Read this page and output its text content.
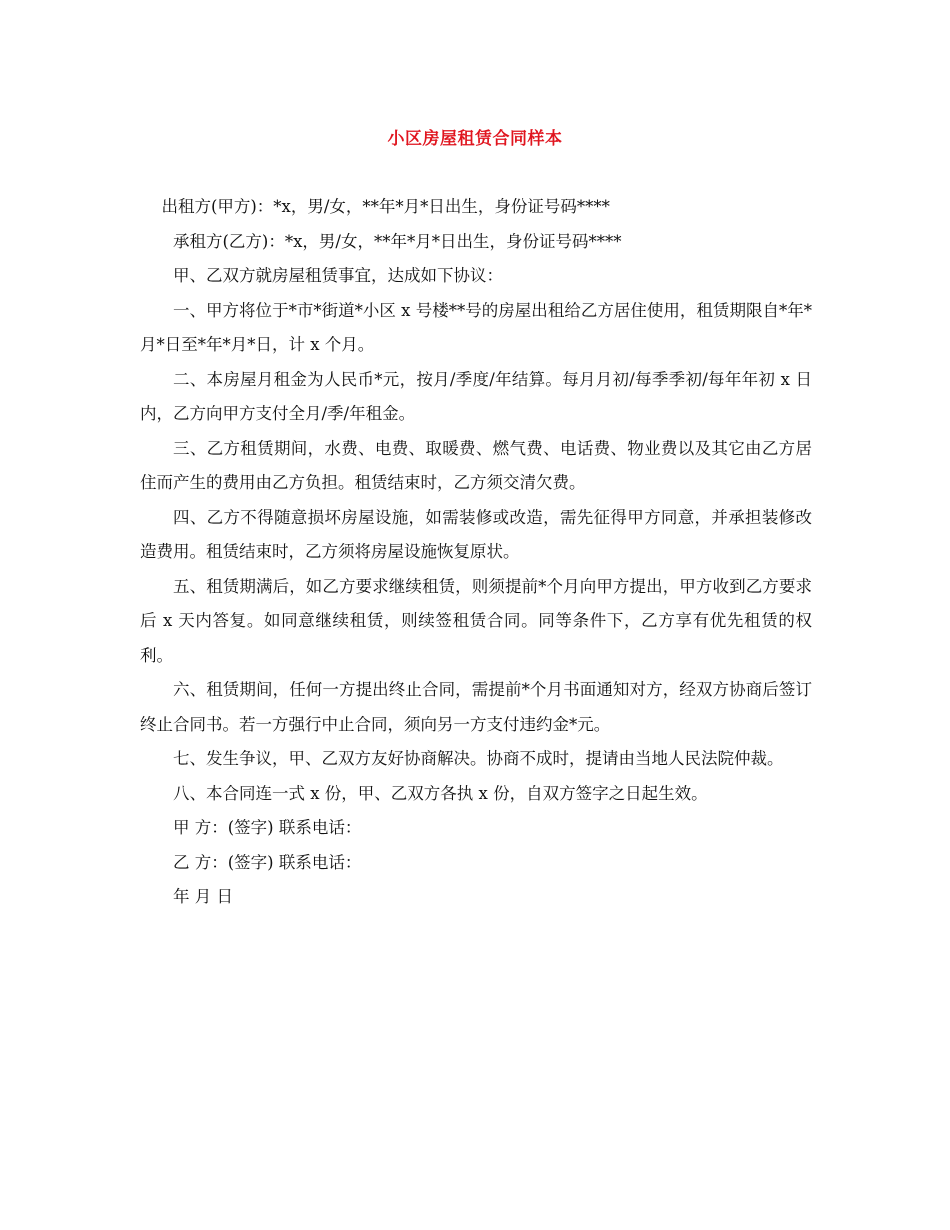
小区房屋租赁合同样本

出租方(甲方)：*x，男/女，**年*月*日出生，身份证号码****

承租方(乙方)：*x，男/女，**年*月*日出生，身份证号码****

甲、乙双方就房屋租赁事宜，达成如下协议：

一、甲方将位于*市*街道*小区 x 号楼**号的房屋出租给乙方居住使用，租赁期限自*年*月*日至*年*月*日，计 x 个月。

二、本房屋月租金为人民币*元，按月/季度/年结算。每月月初/每季季初/每年年初 x 日内，乙方向甲方支付全月/季/年租金。

三、乙方租赁期间，水费、电费、取暖费、燃气费、电话费、物业费以及其它由乙方居住而产生的费用由乙方负担。租赁结束时，乙方须交清欠费。

四、乙方不得随意损坏房屋设施，如需装修或改造，需先征得甲方同意，并承担装修改造费用。租赁结束时，乙方须将房屋设施恢复原状。

五、租赁期满后，如乙方要求继续租赁，则须提前*个月向甲方提出，甲方收到乙方要求后 x 天内答复。如同意继续租赁，则续签租赁合同。同等条件下，乙方享有优先租赁的权利。

六、租赁期间，任何一方提出终止合同，需提前*个月书面通知对方，经双方协商后签订终止合同书。若一方强行中止合同，须向另一方支付违约金*元。

七、发生争议，甲、乙双方友好协商解决。协商不成时，提请由当地人民法院仲裁。

八、本合同连一式 x 份，甲、乙双方各执 x 份，自双方签字之日起生效。

甲 方：(签字) 联系电话：

乙 方：(签字) 联系电话：

年 月 日
